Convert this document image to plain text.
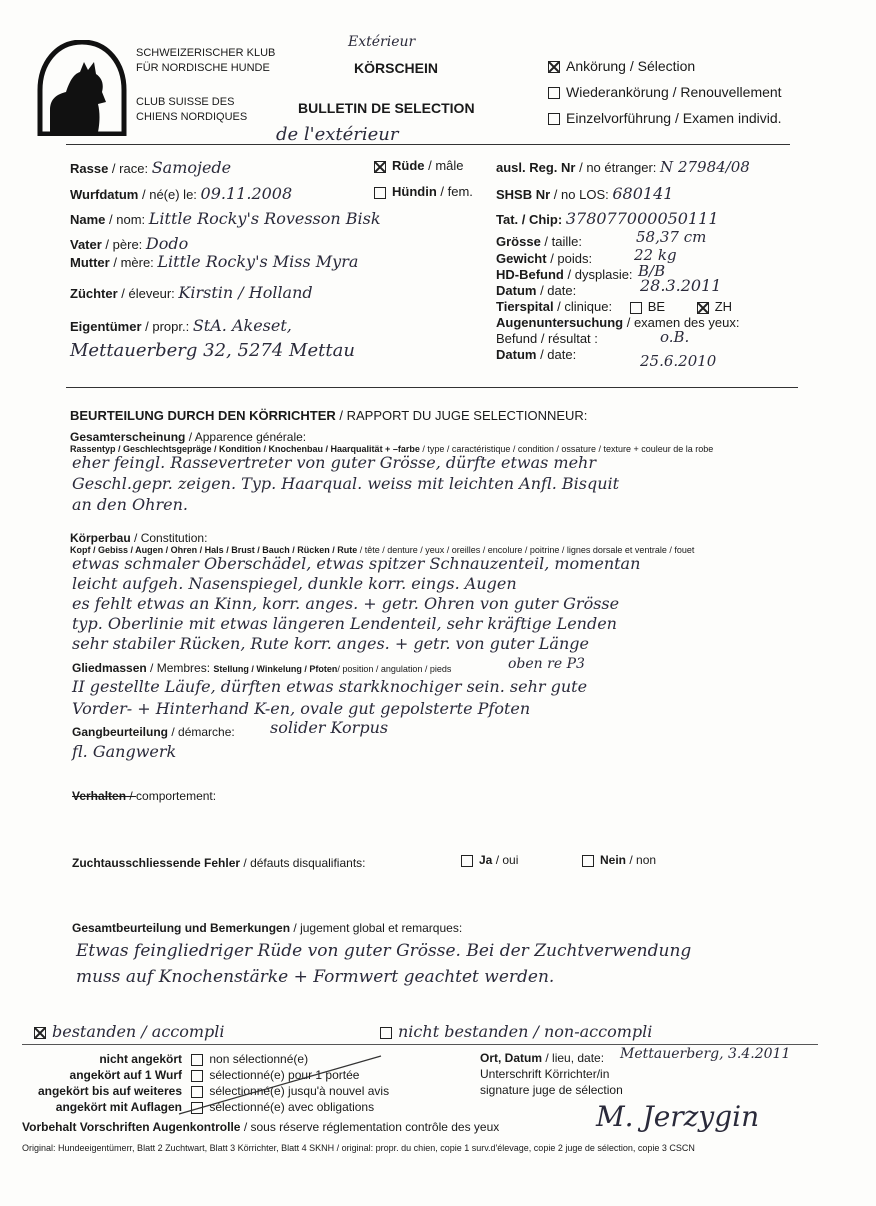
SCHWEIZERISCHER KLUB
FÜR NORDISCHE HUNDE
CLUB SUISSE DES
CHIENS NORDIQUES
Extérieur
KÖRSCHEIN
BULLETIN DE SELECTION
de l'extérieur
Ankörung / Sélection
Wiederankörung / Renouvellement
Einzelvorführung / Examen individ.
Rasse / race: Samojede	Rüde / mâle
Wurfdatum / né(e) le: 09.11.2008	Hündin / fem.
Name / nom: Little Rocky's Rovesson Bisk
Vater / père: Dodo
Mutter / mère: Little Rocky's Miss Myra
Züchter / éleveur: Kirstin / Holland
Eigentümer / propr.: StA. Akeset,
Mettauerberg 32, 5274 Mettau
ausl. Reg. Nr / no étranger: N 27984/08
SHSB Nr / no LOS: 680141
Tat. / Chip: 378077000050111
Grösse / taille:	58,37 cm
Gewicht / poids:	22 kg
HD-Befund / dysplasie: B/B
Datum / date:	28.3.2011
Tierspital / clinique:	BE	ZH
Augenuntersuchung / examen des yeux:
Befund / résultat :	o.B.
Datum / date:	25.6.2010
BEURTEILUNG DURCH DEN KÖRRICHTER / RAPPORT DU JUGE SELECTIONNEUR:
Gesamterscheinung / Apparence générale:
Rassentyp / Geschlechtsgepräge / Kondition / Knochenbau / Haarqualität + –farbe / type / caractéristique / condition / ossature / texture + couleur de la robe
eher feingl. Rassevertreter von guter Grösse, dürfte etwas mehr
Geschl.gepr. zeigen. Typ. Haarqual. weiss mit leichten Anfl. Bisquit
an den Ohren.
Körperbau / Constitution:
Kopf / Gebiss / Augen / Ohren / Hals / Brust / Bauch / Rücken / Rute / tête / denture / yeux / oreilles / encolure / poitrine / lignes dorsale et ventrale / fouet
etwas schmaler Oberschädel, etwas spitzer Schnauzenteil, momentan
leicht aufgeh. Nasenspiegel, dunkle korr. eings. Augen
es fehlt etwas an Kinn, korr. anges. + getr. Ohren von guter Grösse
typ. Oberlinie mit etwas längeren Lendenteil, sehr kräftige Lenden
sehr stabiler Rücken, Rute korr. anges. + getr. von guter Länge
Gliedmassen / Membres: Stellung / Winkelung / Pfoten/ position / angulation / pieds	oben re P3
II gestellte Läufe, dürften etwas starkknochiger sein. sehr gute
Vorder- + Hinterhand K-en, ovale gut gepolsterte Pfoten
Gangbeurteilung / démarche: solider Korpus
fl. Gangwerk
Verhalten / comportement:
Zuchtausschliessende Fehler / défauts disqualifiants:	Ja / oui	Nein / non
Gesamtbeurteilung und Bemerkungen / jugement global et remarques:
Etwas feingliedriger Rüde von guter Grösse. Bei der Zuchtverwendung
muss auf Knochenstärke + Formwert geachtet werden.
bestanden / accompli	nicht bestanden / non-accompli
nicht angekört non sélectionné(e)
angekört auf 1 Wurf sélectionné(e) pour 1 portée
angekört bis auf weiteres sélectionné(e) jusqu'à nouvel avis
angekört mit Auflagen sélectionné(e) avec obligations
Ort, Datum / lieu, date: Mettauerberg, 3.4.2011
Unterschrift Körrichter/in
signature juge de sélection
M. Jerzygin
Vorbehalt Vorschriften Augenkontrolle / sous réserve réglementation contrôle des yeux
Original: Hundeeigentümerr, Blatt 2 Zuchtwart, Blatt 3 Körrichter, Blatt 4 SKNH / original: propr. du chien, copie 1 surv.d'élevage, copie 2 juge de sélection, copie 3 CSCN
